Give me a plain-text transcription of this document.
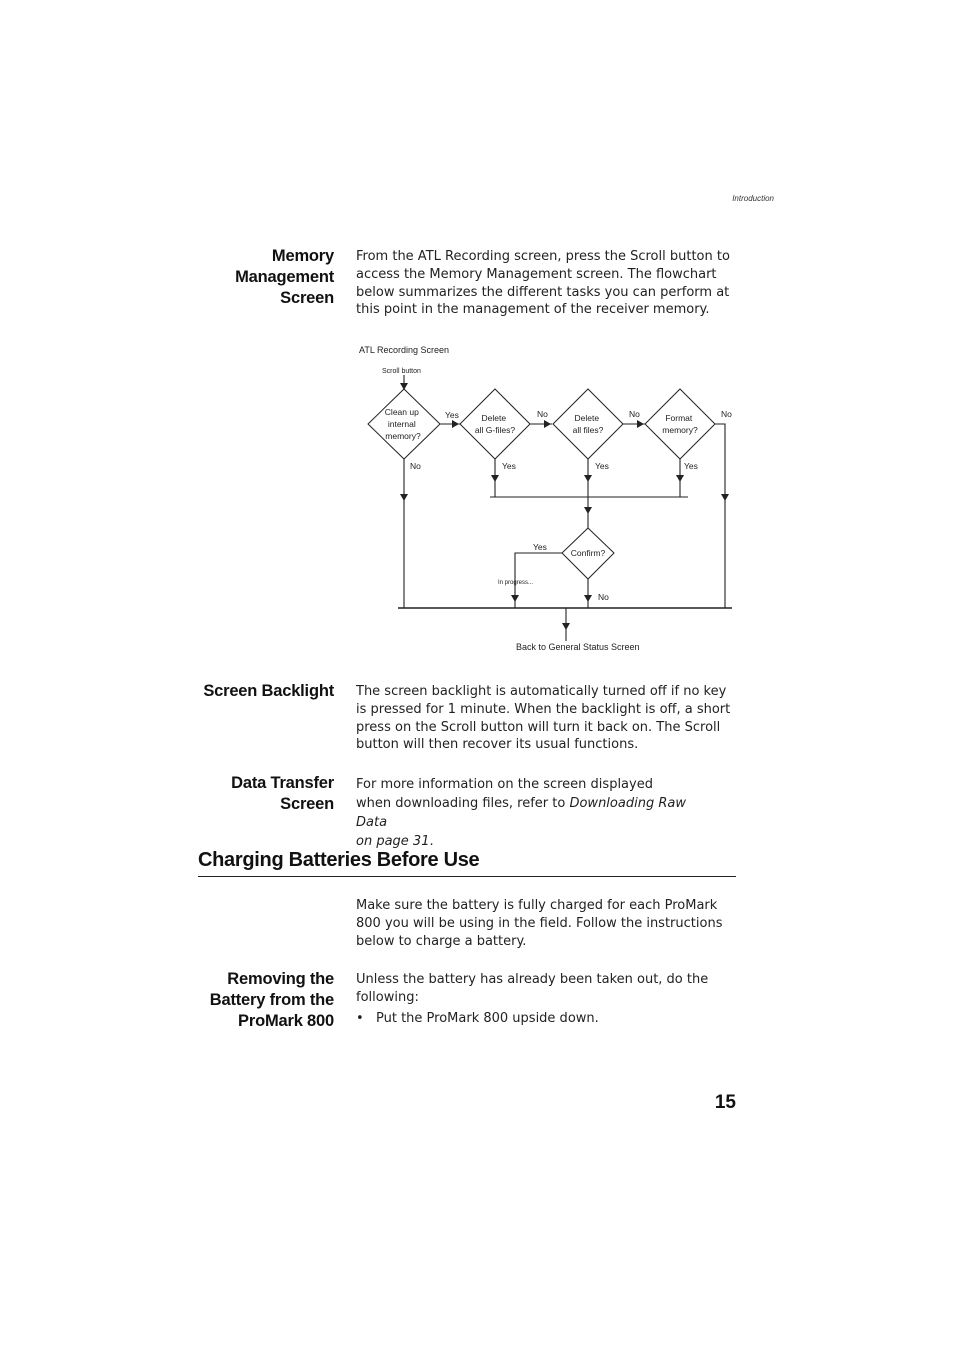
Introduction
Memory
Management
Screen

From the ATL Recording screen, press the Scroll button to access the Memory Management screen. The flowchart below summarizes the different tasks you can perform at this point in the management of the receiver memory.

ATL Recording Screen
Scroll button
Clean up internal memory?
Yes	Delete all G-files?
No	Delete all files?
No	Format memory?
No
No	Yes	Yes	Yes
Confirm?
Yes
In progress...
No
Back to General Status Screen
Screen Backlight The screen backlight is automatically turned off if no key is pressed for 1 minute. When the backlight is off, a short press on the Scroll button will turn it back on. The Scroll button will then recover its usual functions.

Data Transfer
Screen

For more information on the screen displayed when downloading files, refer to Downloading Raw Data
on page 31.

Charging Batteries Before Use

Make sure the battery is fully charged for each ProMark 800 you will be using in the field. Follow the instructions below to charge a battery.

Removing the
Battery from the
ProMark 800

Unless the battery has already been taken out, do the following:

• Put the ProMark 800 upside down.

15
